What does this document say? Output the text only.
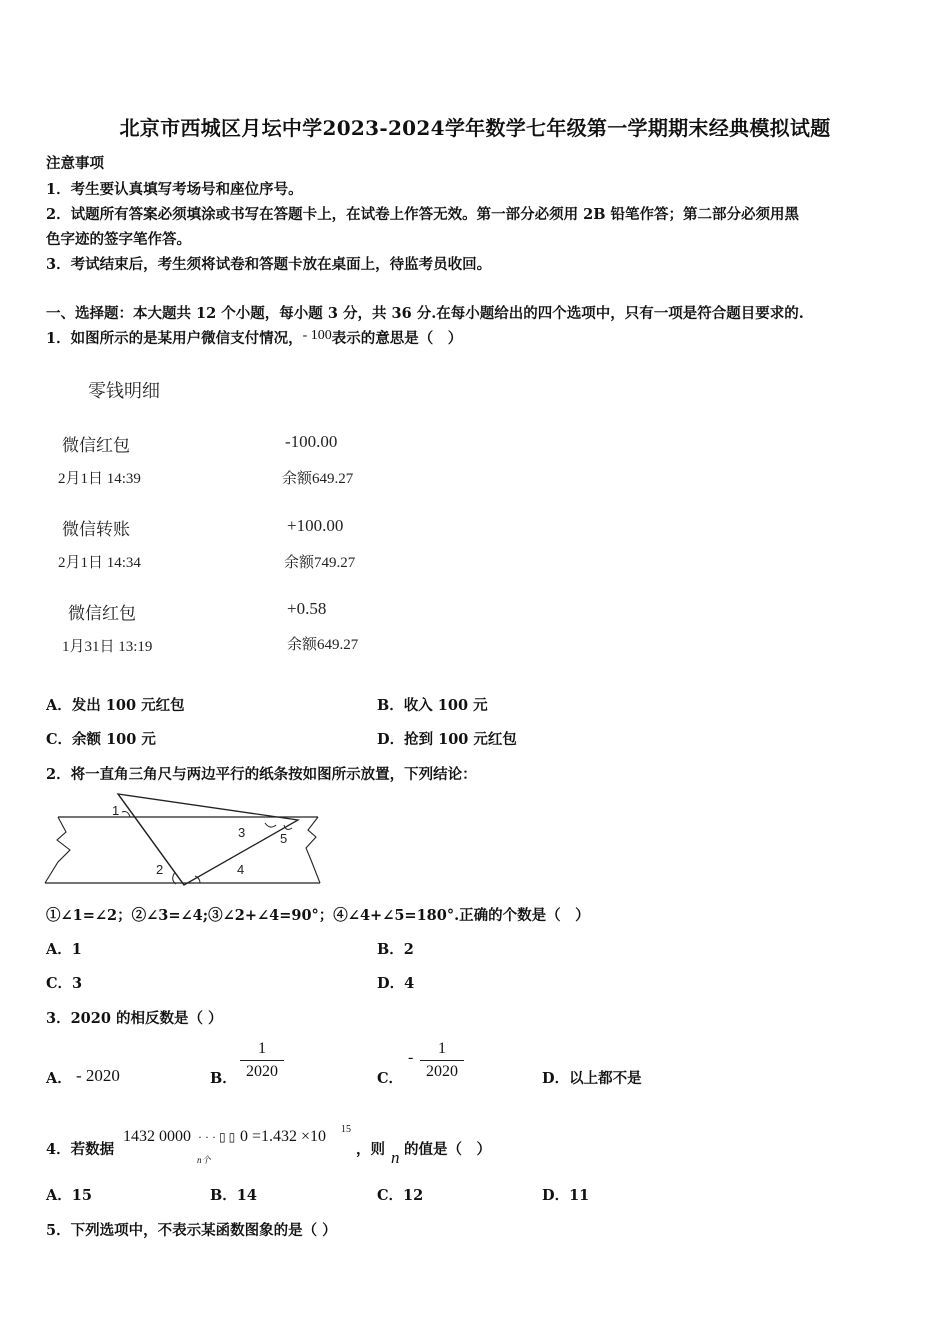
北京市西城区月坛中学2023-2024学年数学七年级第一学期期末经典模拟试题
注意事项
1．考生要认真填写考场号和座位序号。
2．试题所有答案必须填涂或书写在答题卡上，在试卷上作答无效。第一部分必须用 2B 铅笔作答；第二部分必须用黑
色字迹的签字笔作答。
3．考试结束后，考生须将试卷和答题卡放在桌面上，待监考员收回。
一、选择题：本大题共 12 个小题，每小题 3 分，共 36 分.在每小题给出的四个选项中，只有一项是符合题目要求的.
1．如图所示的是某用户微信支付情况，- 100表示的意思是（　）
零钱明细
微信红包	-100.00
2月1日 14:39	余额649.27
微信转账	+100.00
2月1日 14:34	余额749.27
微信红包	+0.58
1月31日 13:19	余额649.27
A．发出 100 元红包	B．收入 100 元
C．余额 100 元	D．抢到 100 元红包
2．将一直角三角尺与两边平行的纸条按如图所示放置，下列结论：
1
2
3
4
5
①∠1=∠2；②∠3=∠4;③∠2+∠4=90°；④∠4+∠5=180°.正确的个数是（　）
A．1	B．2
C．3	D．4
3．2020 的相反数是（ ）
A． - 2020	B． $\frac{1}{2020}$	C．
- $\frac{1}{2020}$	D．以上都不是
4．若数据
1432 0000 · · · ▯ ▯ 0 =1.432 ×10 15
n个
，则 n 的值是（　）
A．15	B．14	C．12	D．11
5．下列选项中，不表示某函数图象的是（ ）
